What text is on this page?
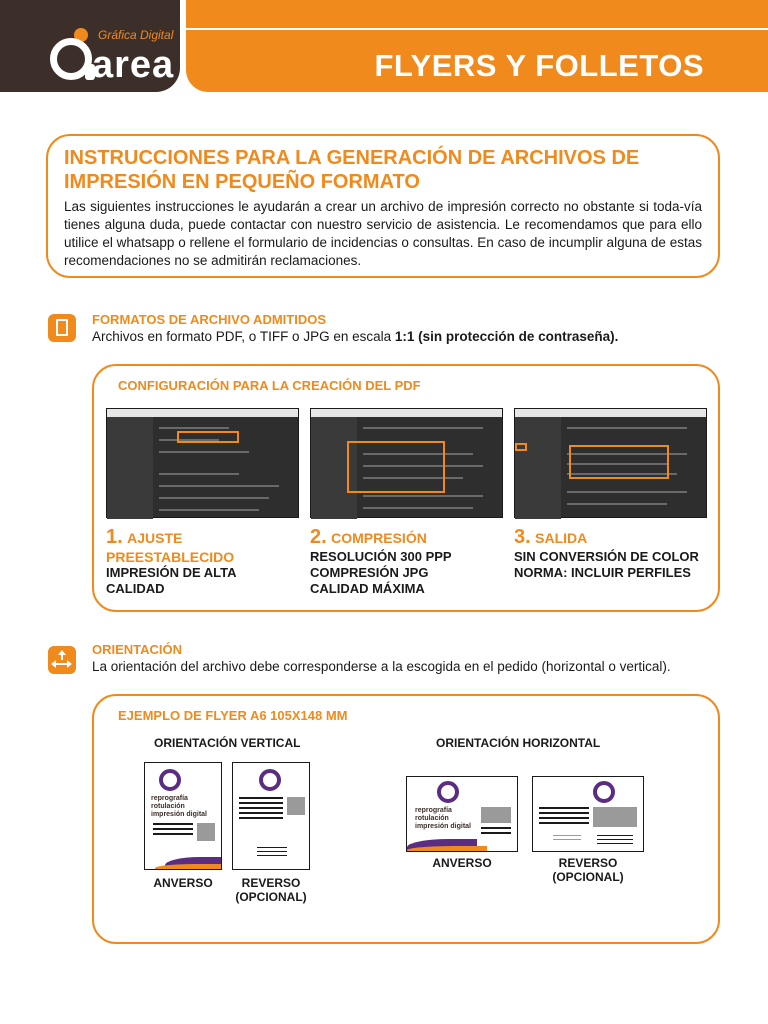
Gráfica Digital
area	FLYERS Y FOLLETOS
INSTRUCCIONES PARA LA GENERACIÓN DE ARCHIVOS DE IMPRESIÓN EN PEQUEÑO FORMATO
Las siguientes instrucciones le ayudarán a crear un archivo de impresión correcto no obstante si toda-vía tienes alguna duda, puede contactar con nuestro servicio de asistencia. Le recomendamos que para ello utilice el whatsapp o rellene el formulario de incidencias o consultas. En caso de incumplir alguna de estas recomendaciones no se admitirán reclamaciones.
FORMATOS DE ARCHIVO ADMITIDOS
Archivos en formato PDF, o TIFF o JPG en escala 1:1 (sin protección de contraseña).
CONFIGURACIÓN PARA LA CREACIÓN DEL PDF
1. AJUSTE
PREESTABLECIDO
IMPRESIÓN DE ALTA
CALIDAD
2. COMPRESIÓN
RESOLUCIÓN 300 PPP
COMPRESIÓN JPG
CALIDAD MÁXIMA
3. SALIDA
SIN CONVERSIÓN DE COLOR
NORMA: INCLUIR PERFILES
ORIENTACIÓN
La orientación del archivo debe corresponderse a la escogida en el pedido (horizontal o vertical).
EJEMPLO DE FLYER A6 105X148 MM
ORIENTACIÓN VERTICAL	ORIENTACIÓN HORIZONTAL
reprografía rotulación impresión digital
ANVERSO	REVERSO
(OPCIONAL)
reprografía rotulación impresión digital
ANVERSO	REVERSO
(OPCIONAL)
